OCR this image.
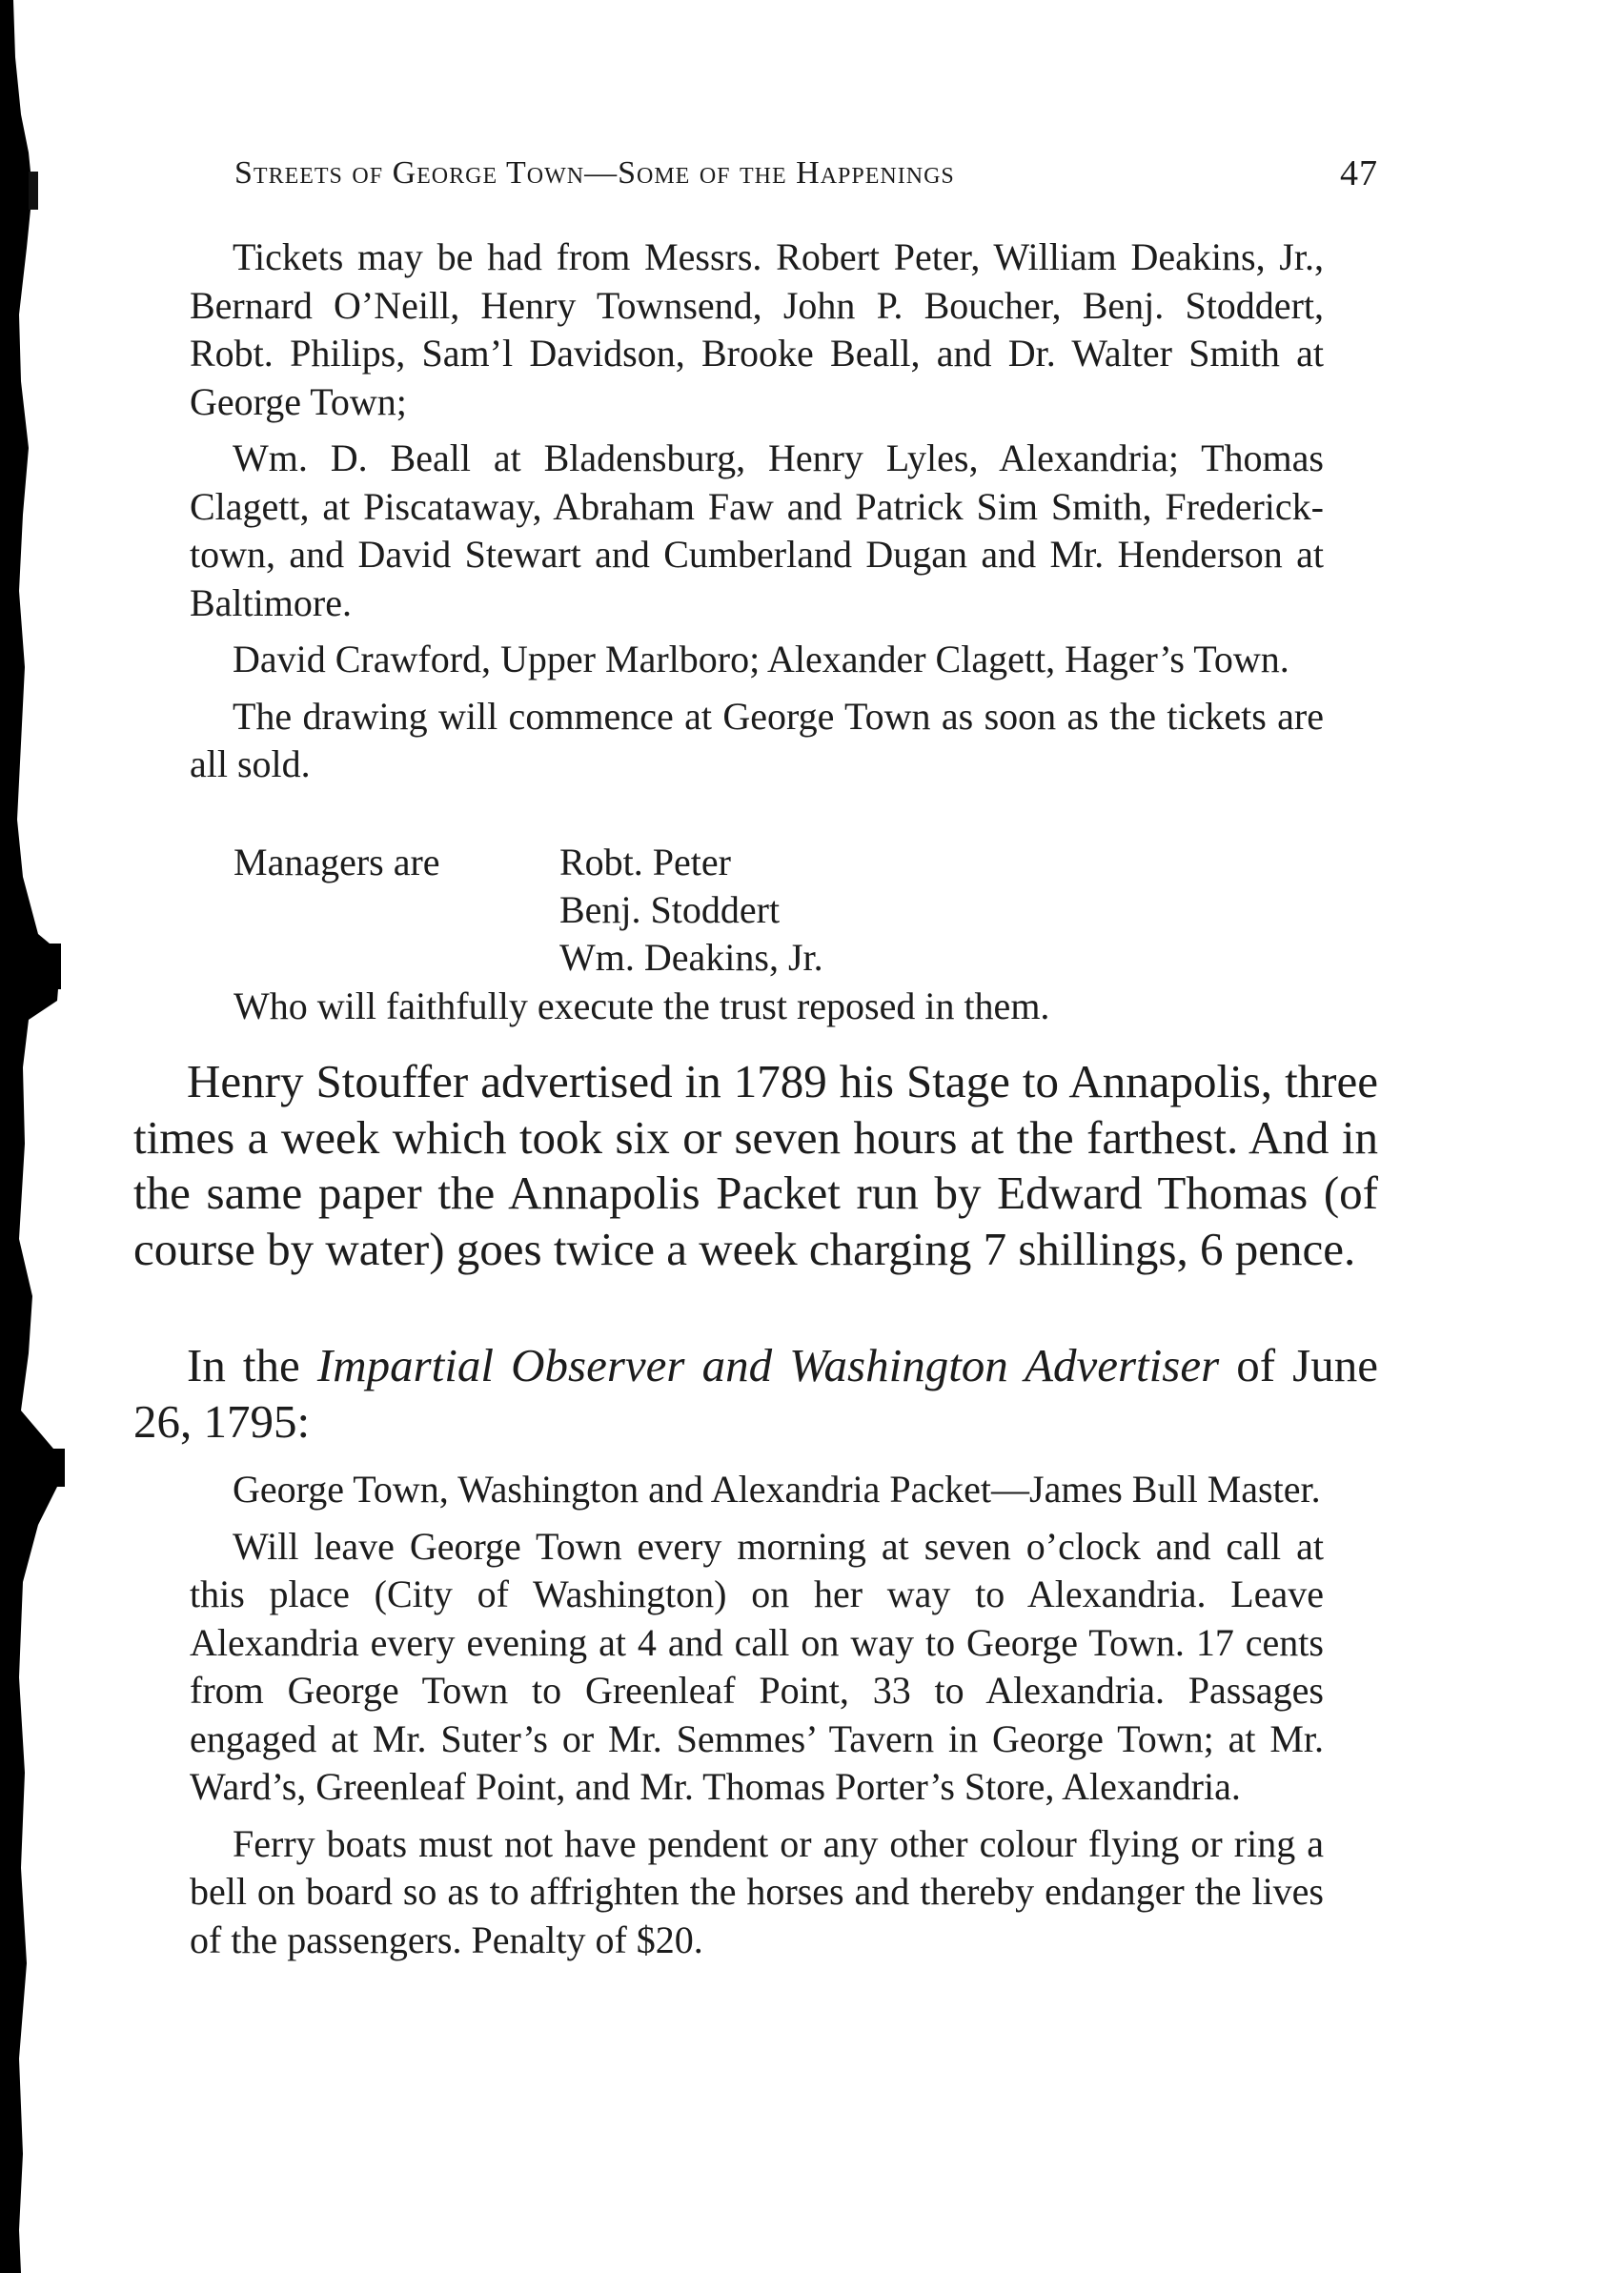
Streets of George Town—Some of the Happenings	47

Tickets may be had from Messrs. Robert Peter, William Deakins, Jr., Bernard O’Neill, Henry Townsend, John P. Boucher, Benj. Stoddert, Robt. Philips, Sam’l Davidson, Brooke Beall, and Dr. Walter Smith at George Town;

Wm. D. Beall at Bladensburg, Henry Lyles, Alexandria; Thomas Clagett, at Piscataway, Abraham Faw and Patrick Sim Smith, Frederick-town, and David Stewart and Cumberland Dugan and Mr. Henderson at Baltimore.

David Crawford, Upper Marlboro; Alexander Clagett, Hager’s Town.

The drawing will commence at George Town as soon as the tickets are all sold.

Managers are	Robt. Peter
Benj. Stoddert
Wm. Deakins, Jr.
Who will faithfully execute the trust reposed in them.

Henry Stouffer advertised in 1789 his Stage to Annapolis, three times a week which took six or seven hours at the farthest. And in the same paper the Annapolis Packet run by Edward Thomas (of course by water) goes twice a week charging 7 shillings, 6 pence.

In the Impartial Observer and Washington Advertiser of June 26, 1795:

George Town, Washington and Alexandria Packet—James Bull Master.

Will leave George Town every morning at seven o’clock and call at this place (City of Washington) on her way to Alexandria. Leave Alexandria every evening at 4 and call on way to George Town. 17 cents from George Town to Greenleaf Point, 33 to Alexandria. Passages engaged at Mr. Suter’s or Mr. Semmes’ Tavern in George Town; at Mr. Ward’s, Greenleaf Point, and Mr. Thomas Porter’s Store, Alexandria.

Ferry boats must not have pendent or any other colour flying or ring a bell on board so as to affrighten the horses and thereby endanger the lives of the passengers. Penalty of $20.
